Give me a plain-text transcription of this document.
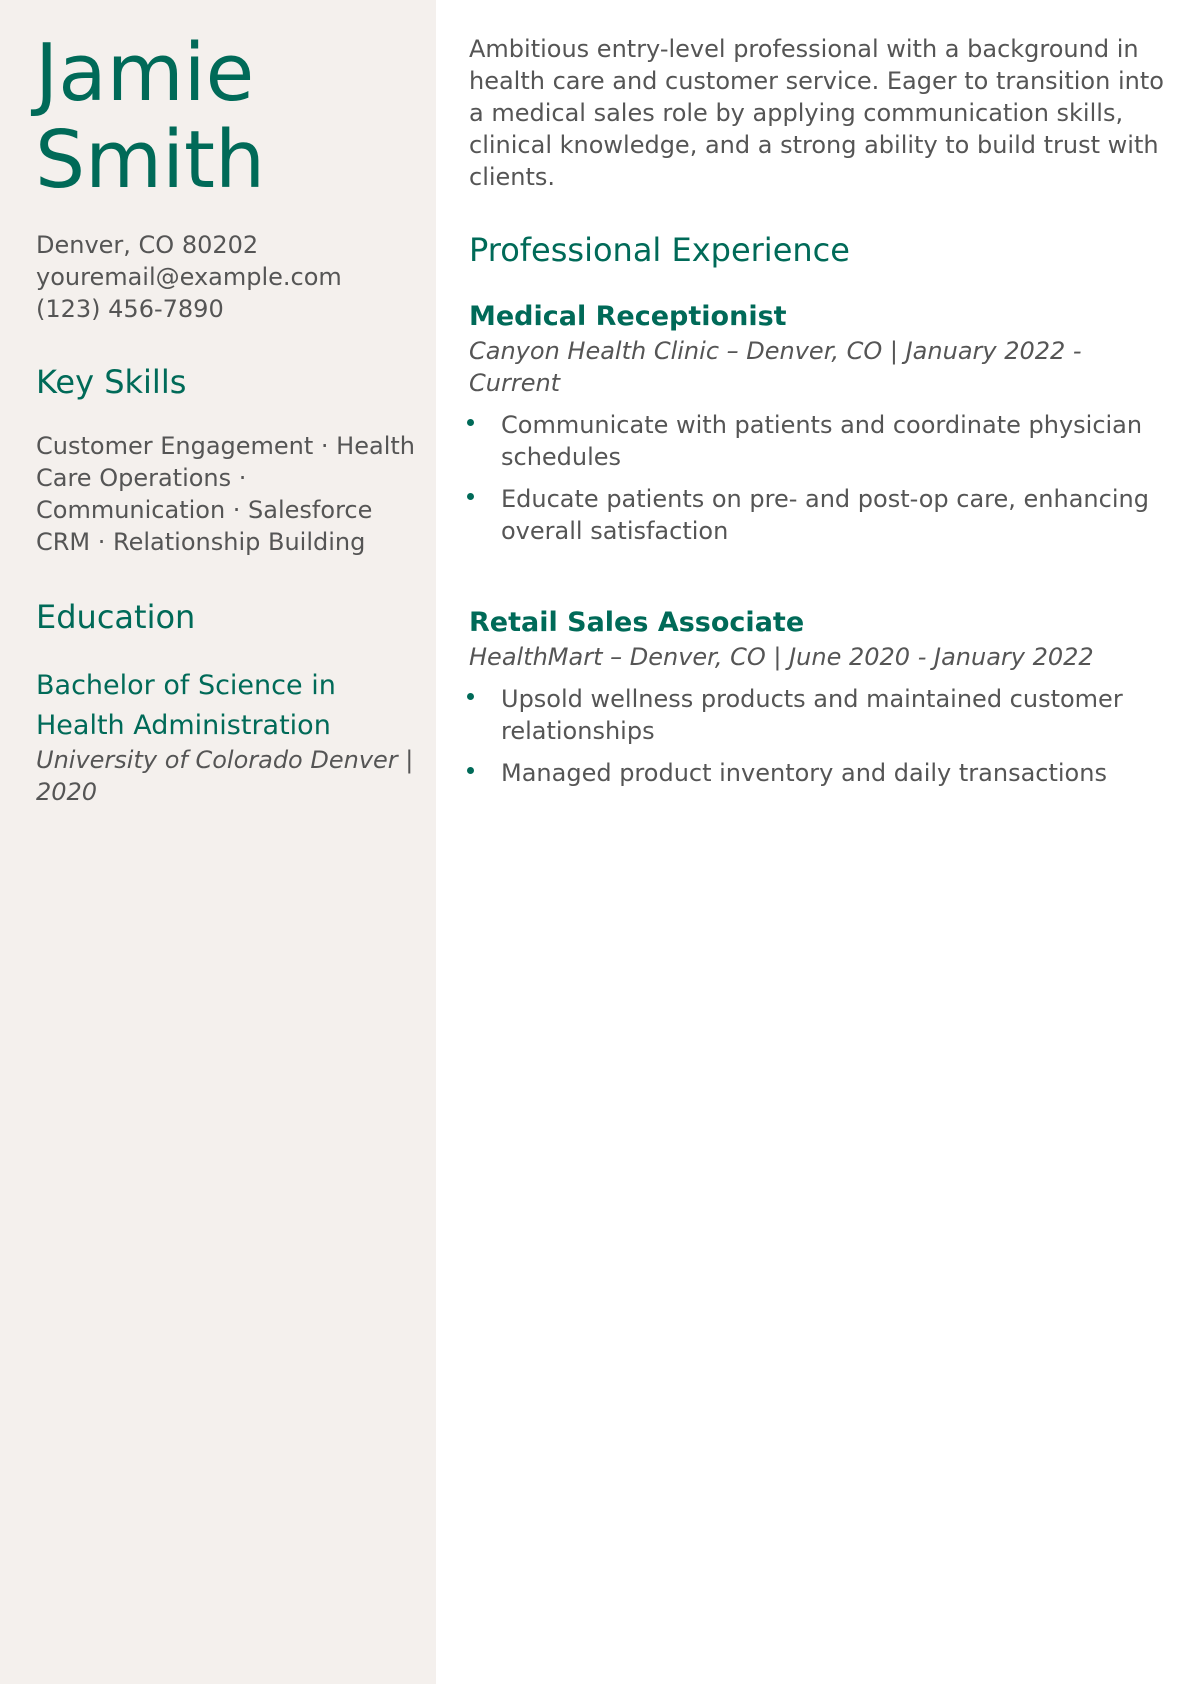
Jamie
Smith
Denver, CO 80202
youremail@example.com
(123) 456-7890
Key Skills

Customer Engagement · Health Care Operations · Communication · Salesforce CRM · Relationship Building

Education
Bachelor of Science in Health Administration
University of Colorado Denver | 2020

Ambitious entry-level professional with a background in health care and customer service. Eager to transition into a medical sales role by applying communication skills, clinical knowledge, and a strong ability to build trust with clients.

Professional Experience
Medical Receptionist
Canyon Health Clinic – Denver, CO | January 2022 - Current
Communicate with patients and coordinate physician schedules
Educate patients on pre- and post-op care, enhancing overall satisfaction
Retail Sales Associate
HealthMart – Denver, CO | June 2020 - January 2022
Upsold wellness products and maintained customer relationships
Managed product inventory and daily transactions
